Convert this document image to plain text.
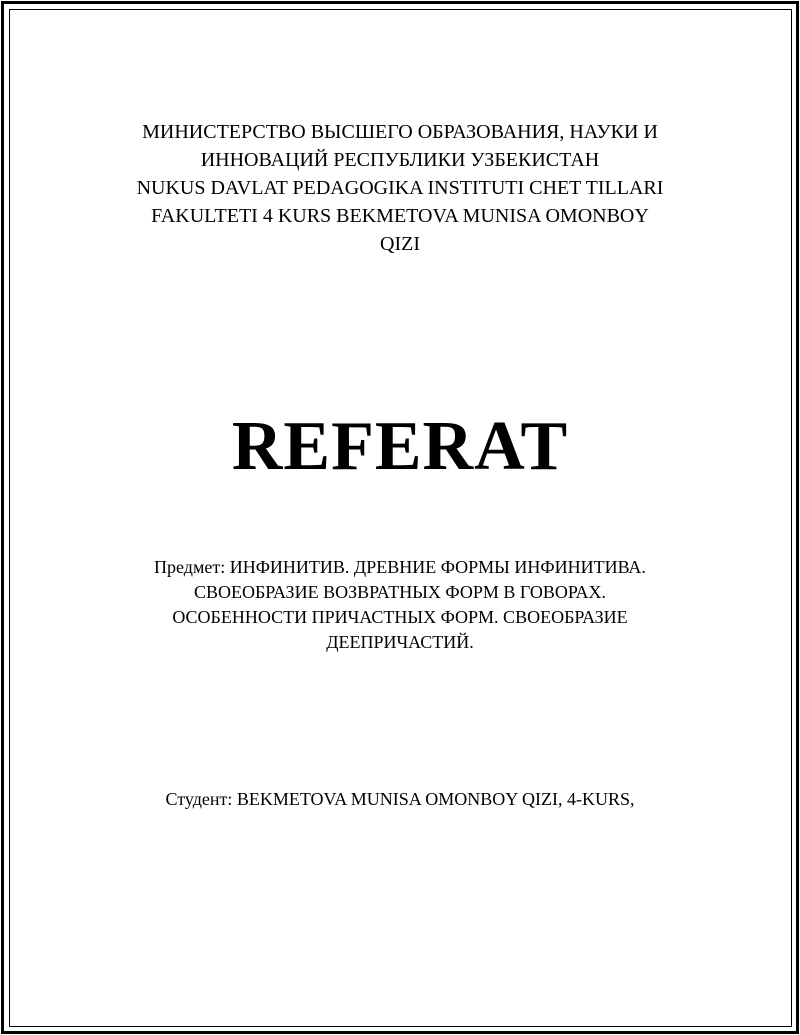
МИНИСТЕРСТВО ВЫСШЕГО ОБРАЗОВАНИЯ, НАУКИ И
ИННОВАЦИЙ РЕСПУБЛИКИ УЗБЕКИСТАН
NUKUS DAVLAT PEDAGOGIKA INSTITUTI CHET TILLARI
FAKULTETI 4 KURS BEKMETOVA MUNISA OMONBOY
QIZI
REFERAT
Предмет: ИНФИНИТИВ. ДРЕВНИЕ ФОРМЫ ИНФИНИТИВА.
СВОЕОБРАЗИЕ ВОЗВРАТНЫХ ФОРМ В ГОВОРАХ.
ОСОБЕННОСТИ ПРИЧАСТНЫХ ФОРМ. СВОЕОБРАЗИЕ
ДЕЕПРИЧАСТИЙ.
Студент: BEKMETOVA MUNISA OMONBOY QIZI, 4-KURS,
